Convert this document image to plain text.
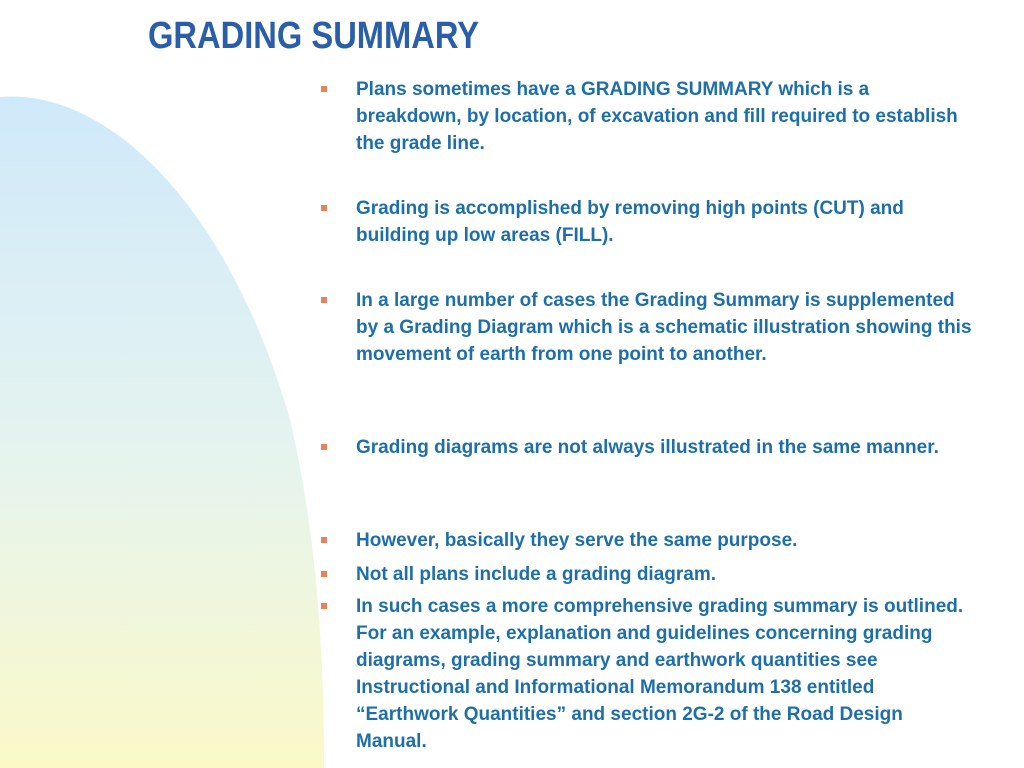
GRADING SUMMARY
Plans sometimes have a GRADING SUMMARY which is a breakdown, by location, of excavation and fill required to establish the grade line.
Grading is accomplished by removing high points (CUT) and building up low areas (FILL).
In a large number of cases the Grading Summary is supplemented by a Grading Diagram which is a schematic illustration showing this movement of earth from one point to another.
Grading diagrams are not always illustrated in the same manner.
However, basically they serve the same purpose.
Not all plans include a grading diagram.
In such cases a more comprehensive grading summary is outlined. For an example, explanation and guidelines concerning grading diagrams, grading summary and earthwork quantities see Instructional and Informational Memorandum 138 entitled “Earthwork Quantities” and section 2G-2 of the Road Design Manual.
